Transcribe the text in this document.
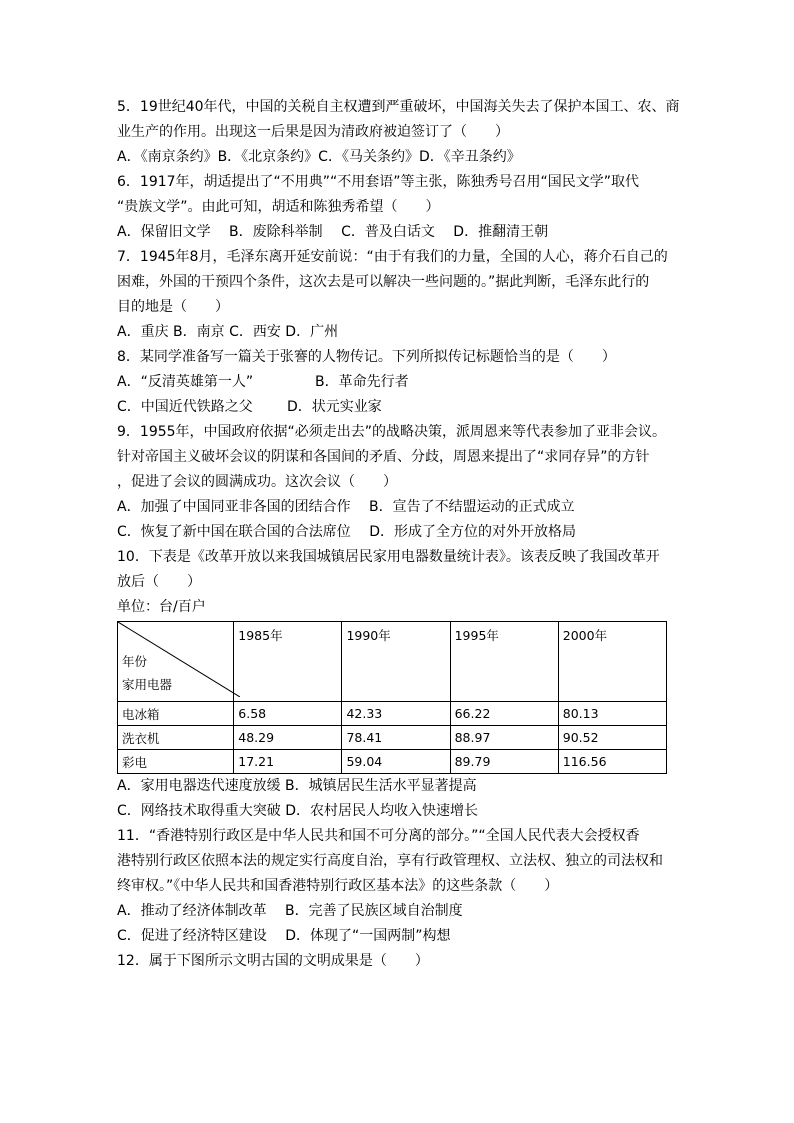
5．19世纪40年代，中国的关税自主权遭到严重破坏，中国海关失去了保护本国工、农、商
业生产的作用。出现这一后果是因为清政府被迫签订了（　　）
A．《南京条约》B．《北京条约》C．《马关条约》D．《辛丑条约》
6．1917年，胡适提出了“不用典”“不用套语”等主张，陈独秀号召用“国民文学”取代
“贵族文学”。由此可知，胡适和陈独秀希望（　　）
A．保留旧文学　 B．废除科举制　 C．普及白话文　 D．推翻清王朝
7．1945年8月，毛泽东离开延安前说：“由于有我们的力量，全国的人心，蒋介石自己的
困难，外国的干预四个条件，这次去是可以解决一些问题的。”据此判断，毛泽东此行的
目的地是（　　）
A．重庆 B．南京 C．西安 D．广州
8．某同学准备写一篇关于张謇的人物传记。下列所拟传记标题恰当的是（　　）
A．“反清英雄第一人”	B．革命先行者
C．中国近代铁路之父 D．状元实业家
9．1955年，中国政府依据“必须走出去”的战略决策，派周恩来等代表参加了亚非会议。
针对帝国主义破坏会议的阴谋和各国间的矛盾、分歧，周恩来提出了“求同存异”的方针
，促进了会议的圆满成功。这次会议（　　）
A．加强了中国同亚非各国的团结合作　 B．宣告了不结盟运动的正式成立
C．恢复了新中国在联合国的合法席位　 D．形成了全方位的对外开放格局
10．下表是《改革开放以来我国城镇居民家用电器数量统计表》。该表反映了我国改革开
放后（　　）
单位：台/百户
年份
家用电器	1985年	1990年	1995年	2000年
电冰箱	6.58	42.33	66.22	80.13
洗衣机	48.29	78.41	88.97	90.52
彩电	17.21	59.04	89.79	116.56
A．家用电器迭代速度放缓 B．城镇居民生活水平显著提高
C．网络技术取得重大突破 D．农村居民人均收入快速增长
11．“香港特别行政区是中华人民共和国不可分离的部分。”“全国人民代表大会授权香
港特别行政区依照本法的规定实行高度自治，享有行政管理权、立法权、独立的司法权和
终审权。”《中华人民共和国香港特别行政区基本法》的这些条款（　　）
A．推动了经济体制改革　 B．完善了民族区域自治制度
C．促进了经济特区建设　 D．体现了“一国两制”构想
12．属于下图所示文明古国的文明成果是（　　）
